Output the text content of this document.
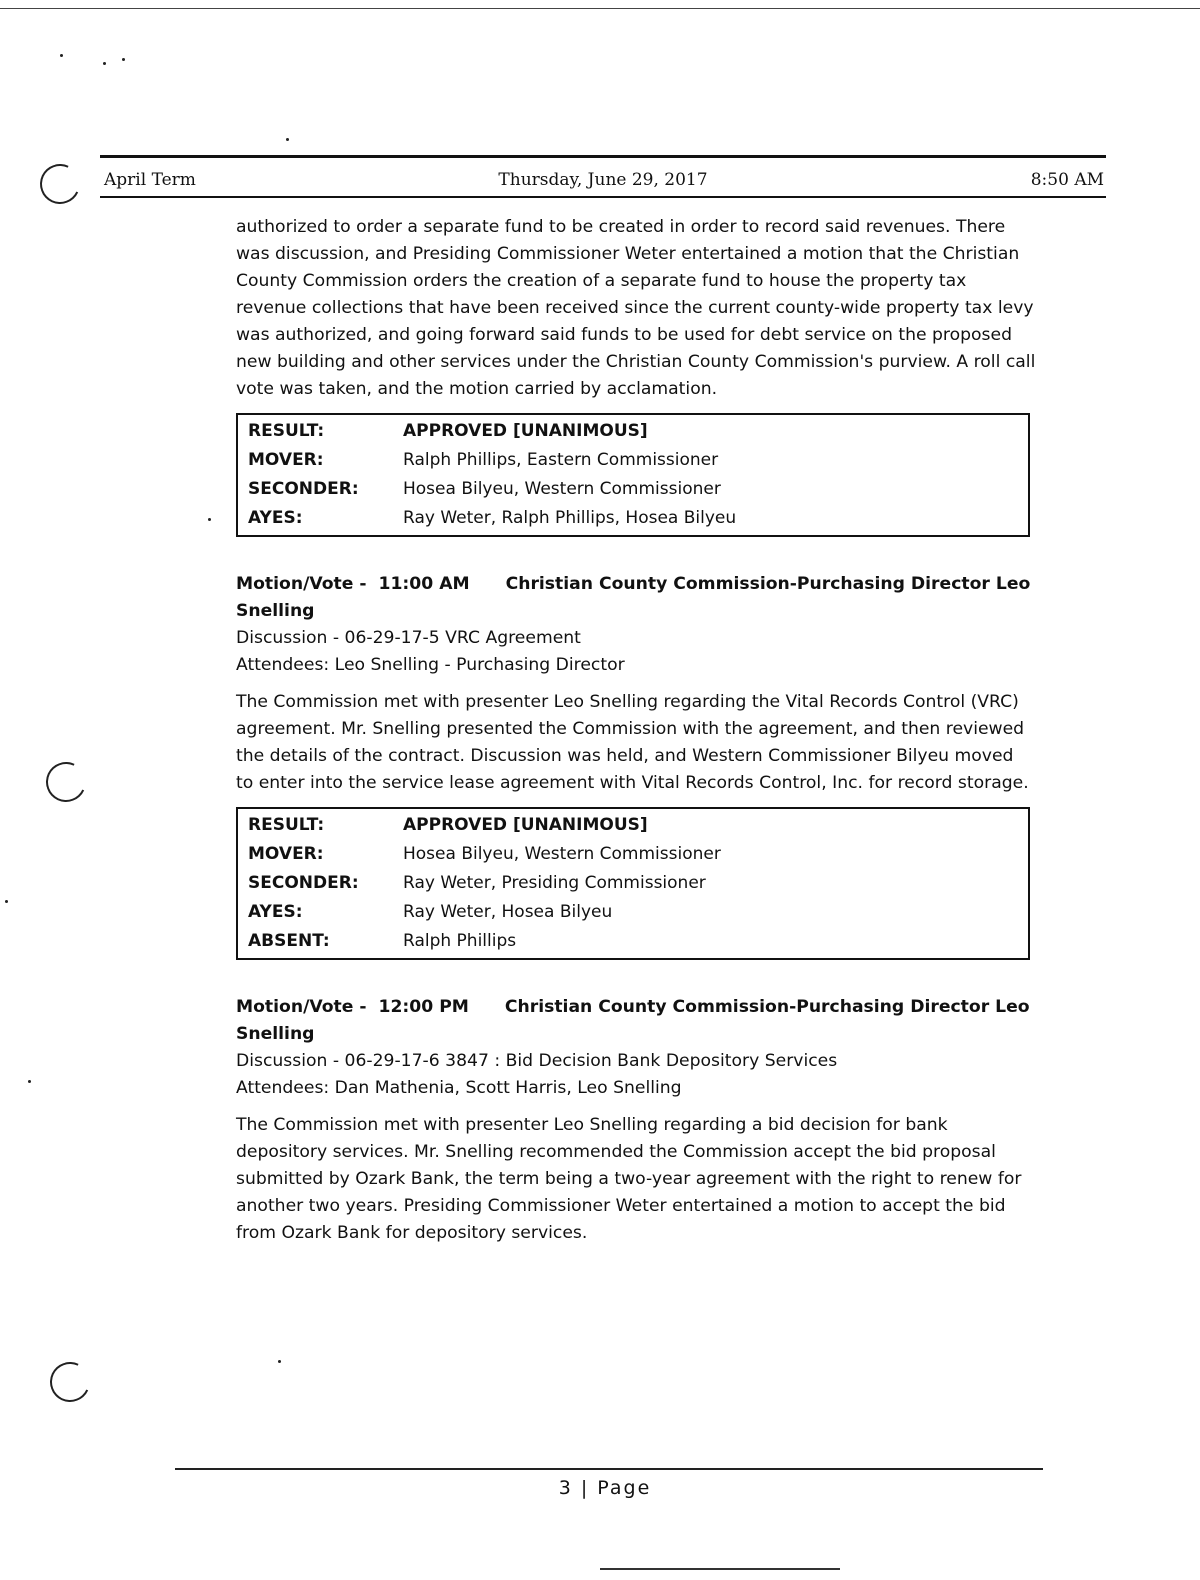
April Term	Thursday, June 29, 2017	8:50 AM

authorized to order a separate fund to be created in order to record said revenues. There was discussion, and Presiding Commissioner Weter entertained a motion that the Christian County Commission orders the creation of a separate fund to house the property tax revenue collections that have been received since the current county-wide property tax levy was authorized, and going forward said funds to be used for debt service on the proposed new building and other services under the Christian County Commission's purview. A roll call vote was taken, and the motion carried by acclamation.

RESULT:	APPROVED [UNANIMOUS]
MOVER:	Ralph Phillips, Eastern Commissioner
SECONDER:	Hosea Bilyeu, Western Commissioner
AYES:	Ray Weter, Ralph Phillips, Hosea Bilyeu

Motion/Vote - 11:00 AM Christian County Commission-Purchasing Director Leo Snelling

Discussion - 06-29-17-5 VRC Agreement

Attendees: Leo Snelling - Purchasing Director

The Commission met with presenter Leo Snelling regarding the Vital Records Control (VRC) agreement. Mr. Snelling presented the Commission with the agreement, and then reviewed the details of the contract. Discussion was held, and Western Commissioner Bilyeu moved to enter into the service lease agreement with Vital Records Control, Inc. for record storage.

RESULT:	APPROVED [UNANIMOUS]
MOVER:	Hosea Bilyeu, Western Commissioner
SECONDER:	Ray Weter, Presiding Commissioner
AYES:	Ray Weter, Hosea Bilyeu
ABSENT:	Ralph Phillips

Motion/Vote - 12:00 PM Christian County Commission-Purchasing Director Leo Snelling

Discussion - 06-29-17-6 3847 : Bid Decision Bank Depository Services

Attendees: Dan Mathenia, Scott Harris, Leo Snelling

The Commission met with presenter Leo Snelling regarding a bid decision for bank depository services. Mr. Snelling recommended the Commission accept the bid proposal submitted by Ozark Bank, the term being a two-year agreement with the right to renew for another two years. Presiding Commissioner Weter entertained a motion to accept the bid from Ozark Bank for depository services.

3 | Page
